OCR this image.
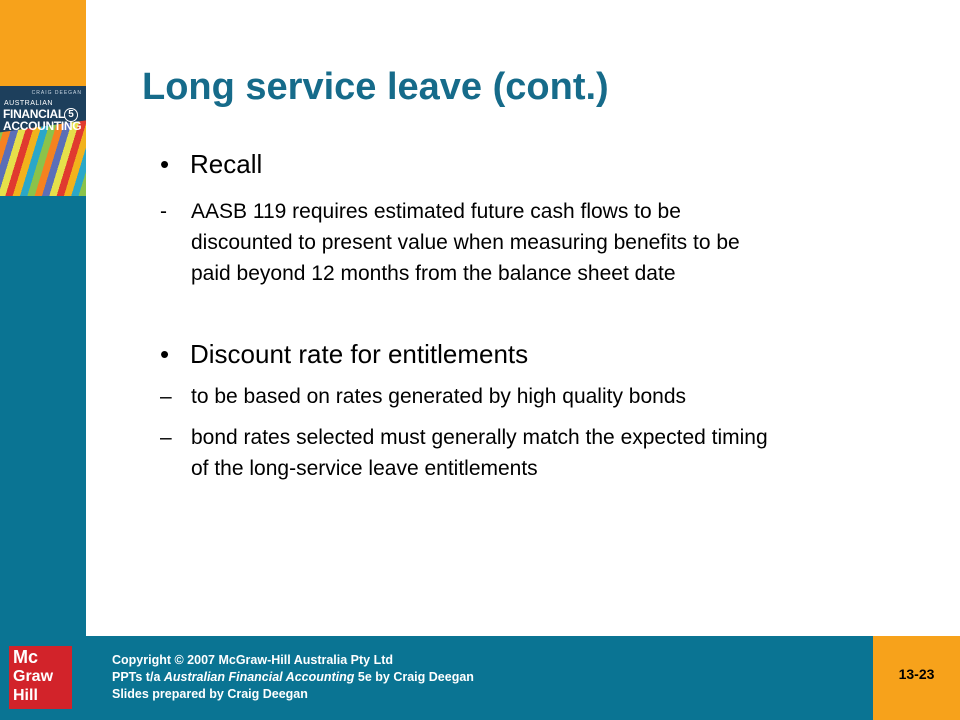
CRAIG DEEGAN
AUSTRALIAN
FINANCIAL
ACCOUNTING
5
Long service leave (cont.)
• Recall
- AASB 119 requires estimated future cash flows to be
discounted to present value when measuring benefits to be
paid beyond 12 months from the balance sheet date
• Discount rate for entitlements
– to be based on rates generated by high quality bonds
– bond rates selected must generally match the expected timing
of the long-service leave entitlements
Mc
Graw
Hill
Copyright © 2007 McGraw-Hill Australia Pty Ltd
PPTs t/a Australian Financial Accounting 5e by Craig Deegan
Slides prepared by Craig Deegan
13-23
